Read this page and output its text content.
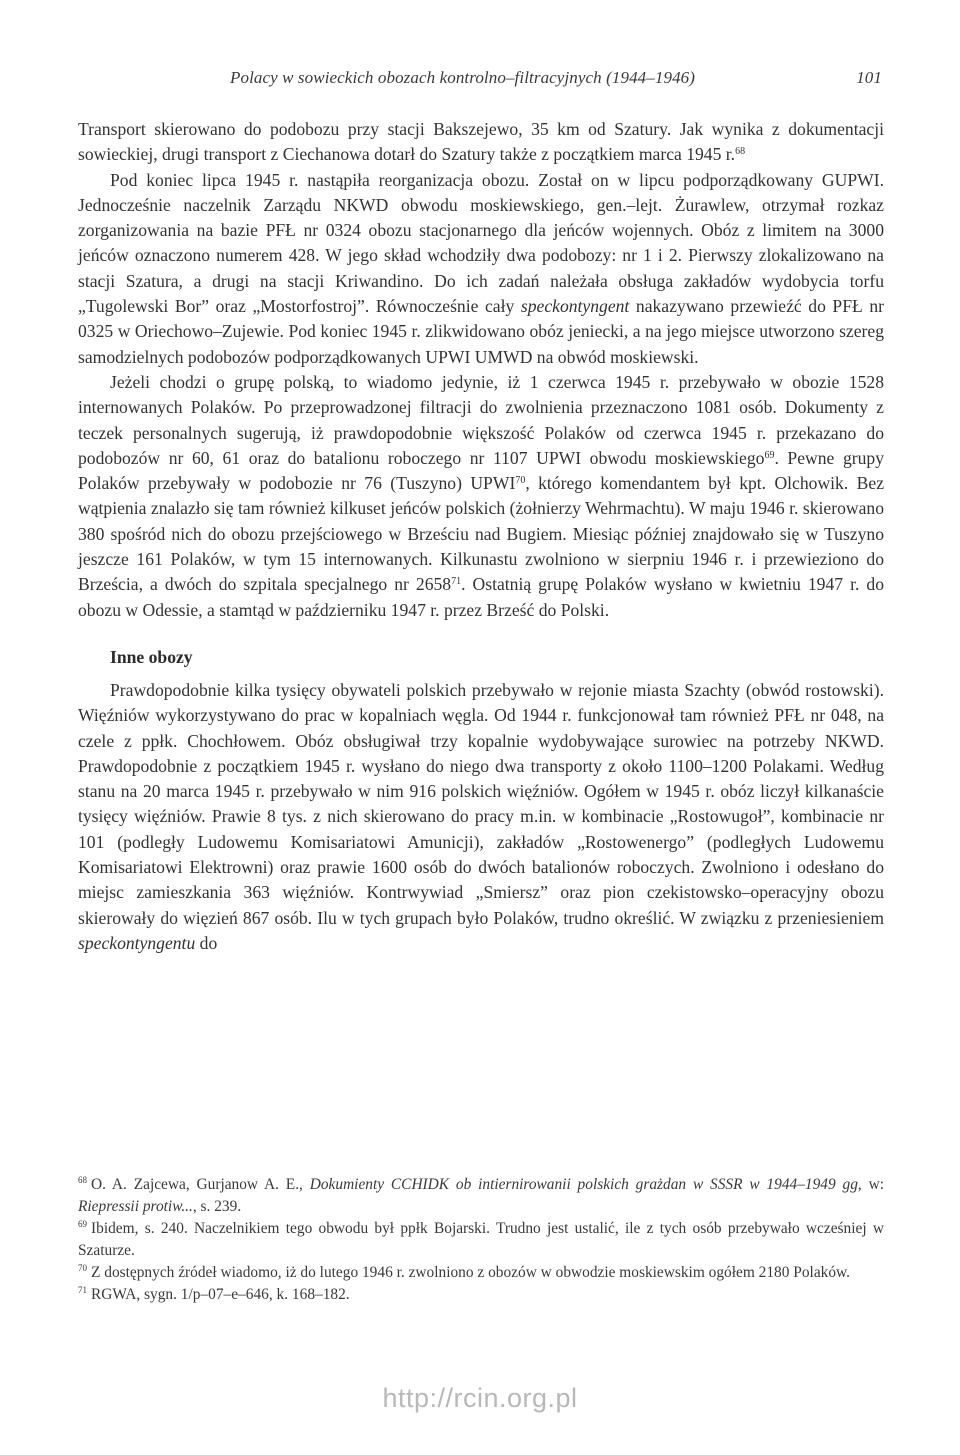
Polacy w sowieckich obozach kontrolno–filtracyjnych (1944–1946)	101

Transport skierowano do podobozu przy stacji Bakszejewo, 35 km od Szatury. Jak wynika z dokumentacji sowieckiej, drugi transport z Ciechanowa dotarł do Szatury także z początkiem marca 1945 r.$^{68}$

Pod koniec lipca 1945 r. nastąpiła reorganizacja obozu. Został on w lipcu podporządkowany GUPWI. Jednocześnie naczelnik Zarządu NKWD obwodu moskiewskiego, gen.–lejt. Żurawlew, otrzymał rozkaz zorganizowania na bazie PFŁ nr 0324 obozu stacjonarnego dla jeńców wojennych. Obóz z limitem na 3000 jeńców oznaczono numerem 428. W jego skład wchodziły dwa podobozy: nr 1 i 2. Pierwszy zlokalizowano na stacji Szatura, a drugi na stacji Kriwandino. Do ich zadań należała obsługa zakładów wydobycia torfu „Tugolewski Bor” oraz „Mostorfostroj”. Równocześnie cały speckontyngent nakazywano przewieźć do PFŁ nr 0325 w Oriechowo–Zujewie. Pod koniec 1945 r. zlikwidowano obóz jeniecki, a na jego miejsce utworzono szereg samodzielnych podobozów podporządkowanych UPWI UMWD na obwód moskiewski.

Jeżeli chodzi o grupę polską, to wiadomo jedynie, iż 1 czerwca 1945 r. przebywało w obozie 1528 internowanych Polaków. Po przeprowadzonej filtracji do zwolnienia przeznaczono 1081 osób. Dokumenty z teczek personalnych sugerują, iż prawdopodobnie większość Polaków od czerwca 1945 r. przekazano do podobozów nr 60, 61 oraz do batalionu roboczego nr 1107 UPWI obwodu moskiewskiego$^{69}$. Pewne grupy Polaków przebywały w podobozie nr 76 (Tuszyno) UPWI$^{70}$, którego komendantem był kpt. Olchowik. Bez wątpienia znalazło się tam również kilkuset jeńców polskich (żołnierzy Wehrmachtu). W maju 1946 r. skierowano 380 spośród nich do obozu przejściowego w Brześciu nad Bugiem. Miesiąc później znajdowało się w Tuszyno jeszcze 161 Polaków, w tym 15 internowanych. Kilkunastu zwolniono w sierpniu 1946 r. i przewieziono do Brześcia, a dwóch do szpitala specjalnego nr 2658$^{71}$. Ostatnią grupę Polaków wysłano w kwietniu 1947 r. do obozu w Odessie, a stamtąd w październiku 1947 r. przez Brześć do Polski.

Inne obozy

Prawdopodobnie kilka tysięcy obywateli polskich przebywało w rejonie miasta Szachty (obwód rostowski). Więźniów wykorzystywano do prac w kopalniach węgla. Od 1944 r. funkcjonował tam również PFŁ nr 048, na czele z ppłk. Chochłowem. Obóz obsługiwał trzy kopalnie wydobywające surowiec na potrzeby NKWD. Prawdopodobnie z początkiem 1945 r. wysłano do niego dwa transporty z około 1100–1200 Polakami. Według stanu na 20 marca 1945 r. przebywało w nim 916 polskich więźniów. Ogółem w 1945 r. obóz liczył kilkanaście tysięcy więźniów. Prawie 8 tys. z nich skierowano do pracy m.in. w kombinacie „Rostowugoł”, kombinacie nr 101 (podległy Ludowemu Komisariatowi Amunicji), zakładów „Rostowenergo” (podległych Ludowemu Komisariatowi Elektrowni) oraz prawie 1600 osób do dwóch batalionów roboczych. Zwolniono i odesłano do miejsc zamieszkania 363 więźniów. Kontrwywiad „Smiersz” oraz pion czekistowsko–operacyjny obozu skierowały do więzień 867 osób. Ilu w tych grupach było Polaków, trudno określić. W związku z przeniesieniem speckontyngentu do

$^{68}$ O. A. Zajcewa, Gurjanow A. E., Dokumienty CCHIDK ob intiernirowanii polskich grażdan w SSSR w 1944–1949 gg, w: Riepressii protiw..., s. 239.

$^{69}$ Ibidem, s. 240. Naczelnikiem tego obwodu był ppłk Bojarski. Trudno jest ustalić, ile z tych osób przebywało wcześniej w Szaturze.

$^{70}$ Z dostępnych źródeł wiadomo, iż do lutego 1946 r. zwolniono z obozów w obwodzie moskiewskim ogółem 2180 Polaków.

$^{71}$ RGWA, sygn. 1/p–07–e–646, k. 168–182.

http://rcin.org.pl
